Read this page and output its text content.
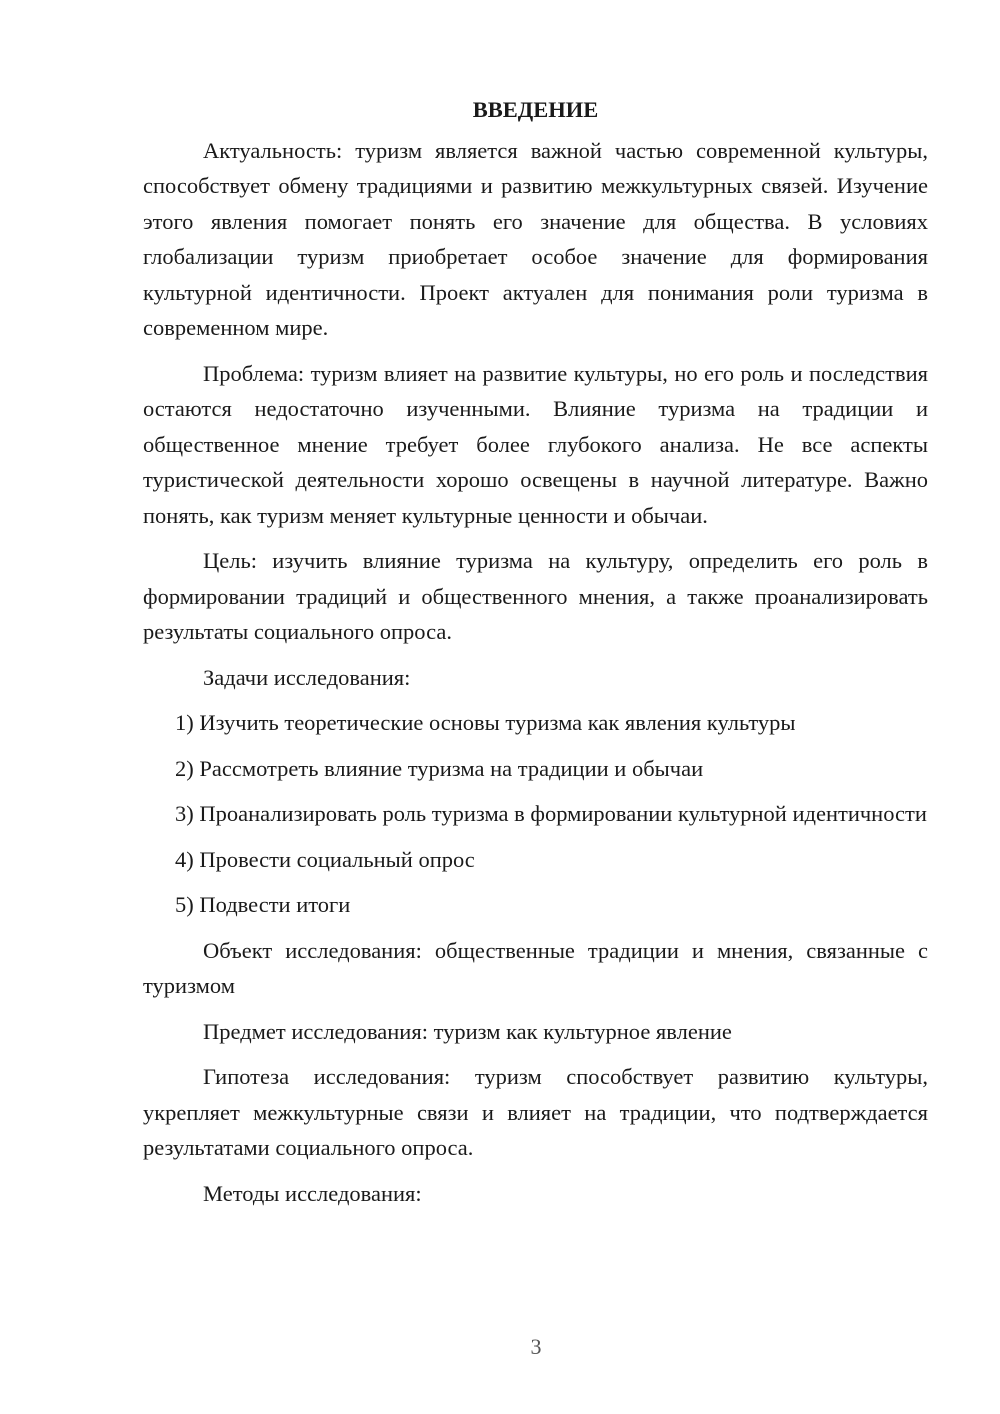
ВВЕДЕНИЕ

Актуальность: туризм является важной частью современной культуры, способствует обмену традициями и развитию межкультурных связей. Изучение этого явления помогает понять его значение для общества. В условиях глобализации туризм приобретает особое значение для формирования культурной идентичности. Проект актуален для понимания роли туризма в современном мире.

Проблема: туризм влияет на развитие культуры, но его роль и последствия остаются недостаточно изученными. Влияние туризма на традиции и общественное мнение требует более глубокого анализа. Не все аспекты туристической деятельности хорошо освещены в научной литературе. Важно понять, как туризм меняет культурные ценности и обычаи.

Цель: изучить влияние туризма на культуру, определить его роль в формировании традиций и общественного мнения, а также проанализировать результаты социального опроса.

Задачи исследования:

1) Изучить теоретические основы туризма как явления культуры

2) Рассмотреть влияние туризма на традиции и обычаи

3) Проанализировать роль туризма в формировании культурной идентичности

4) Провести социальный опрос

5) Подвести итоги

Объект исследования: общественные традиции и мнения, связанные с туризмом

Предмет исследования: туризм как культурное явление

Гипотеза исследования: туризм способствует развитию культуры, укрепляет межкультурные связи и влияет на традиции, что подтверждается результатами социального опроса.

Методы исследования:

3
